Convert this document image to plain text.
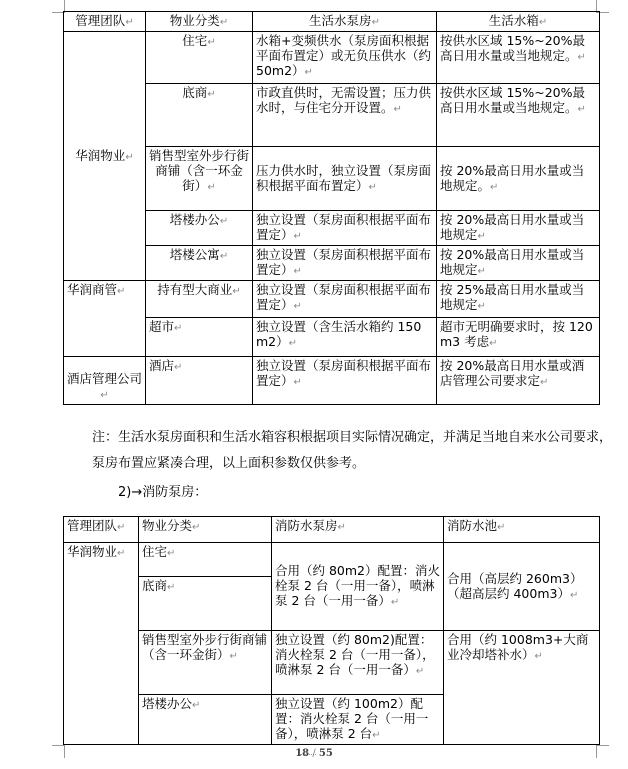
管理团队↵	物业分类↵	生活水泵房↵	生活水箱↵
华润物业↵	住宅↵	水箱+变频供水（泵房面积根据平面布置定）或无负压供水（约 50m2）↵	按供水区域 15%~20%最高日用水量或当地规定。↵
	底商↵	市政直供时，无需设置；压力供水时，与住宅分开设置。↵	按供水区域 15%~20%最高日用水量或当地规定。↵
	销售型室外步行街商铺（含一环金街）↵	压力供水时，独立设置（泵房面积根据平面布置定）↵	按 20%最高日用水量或当地规定。↵
	塔楼办公↵	独立设置（泵房面积根据平面布置定）↵	按 20%最高日用水量或当地规定↵
	塔楼公寓↵	独立设置（泵房面积根据平面布置定）↵	按 20%最高日用水量或当地规定↵
华润商管↵	持有型大商业↵	独立设置（泵房面积根据平面布置定）↵	按 25%最高日用水量或当地规定↵
	超市↵	独立设置（含生活水箱约 150m2）↵	超市无明确要求时，按 120m3 考虑↵
酒店管理公司↵	酒店↵	独立设置（泵房面积根据平面布置定）↵	按 20%最高日用水量或酒店管理公司要求定↵
注：生活水泵房面积和生活水箱容积根据项目实际情况确定，并满足当地自来水公司要求，泵房布置应紧凑合理，以上面积参数仅供参考。
2)→消防泵房：
管理团队↵	物业分类↵	消防水泵房↵	消防水池↵
华润物业↵	住宅↵	合用（约 80m2）配置：消火栓泵 2 台（一用一备），喷淋泵 2 台（一用一备）↵	合用（高层约 260m3）（超高层约 400m3）↵
	底商↵		
	销售型室外步行街商铺（含一环金街）↵	独立设置（约 80m2)配置：消火栓泵 2 台（一用一备），喷淋泵 2 台（一用一备）↵	合用（约 1008m3+大商业冷却塔补水）↵
	塔楼办公↵	独立设置（约 100m2）配置：消火栓泵 2 台（一用一备），喷淋泵 2 台↵	
18 / 55
